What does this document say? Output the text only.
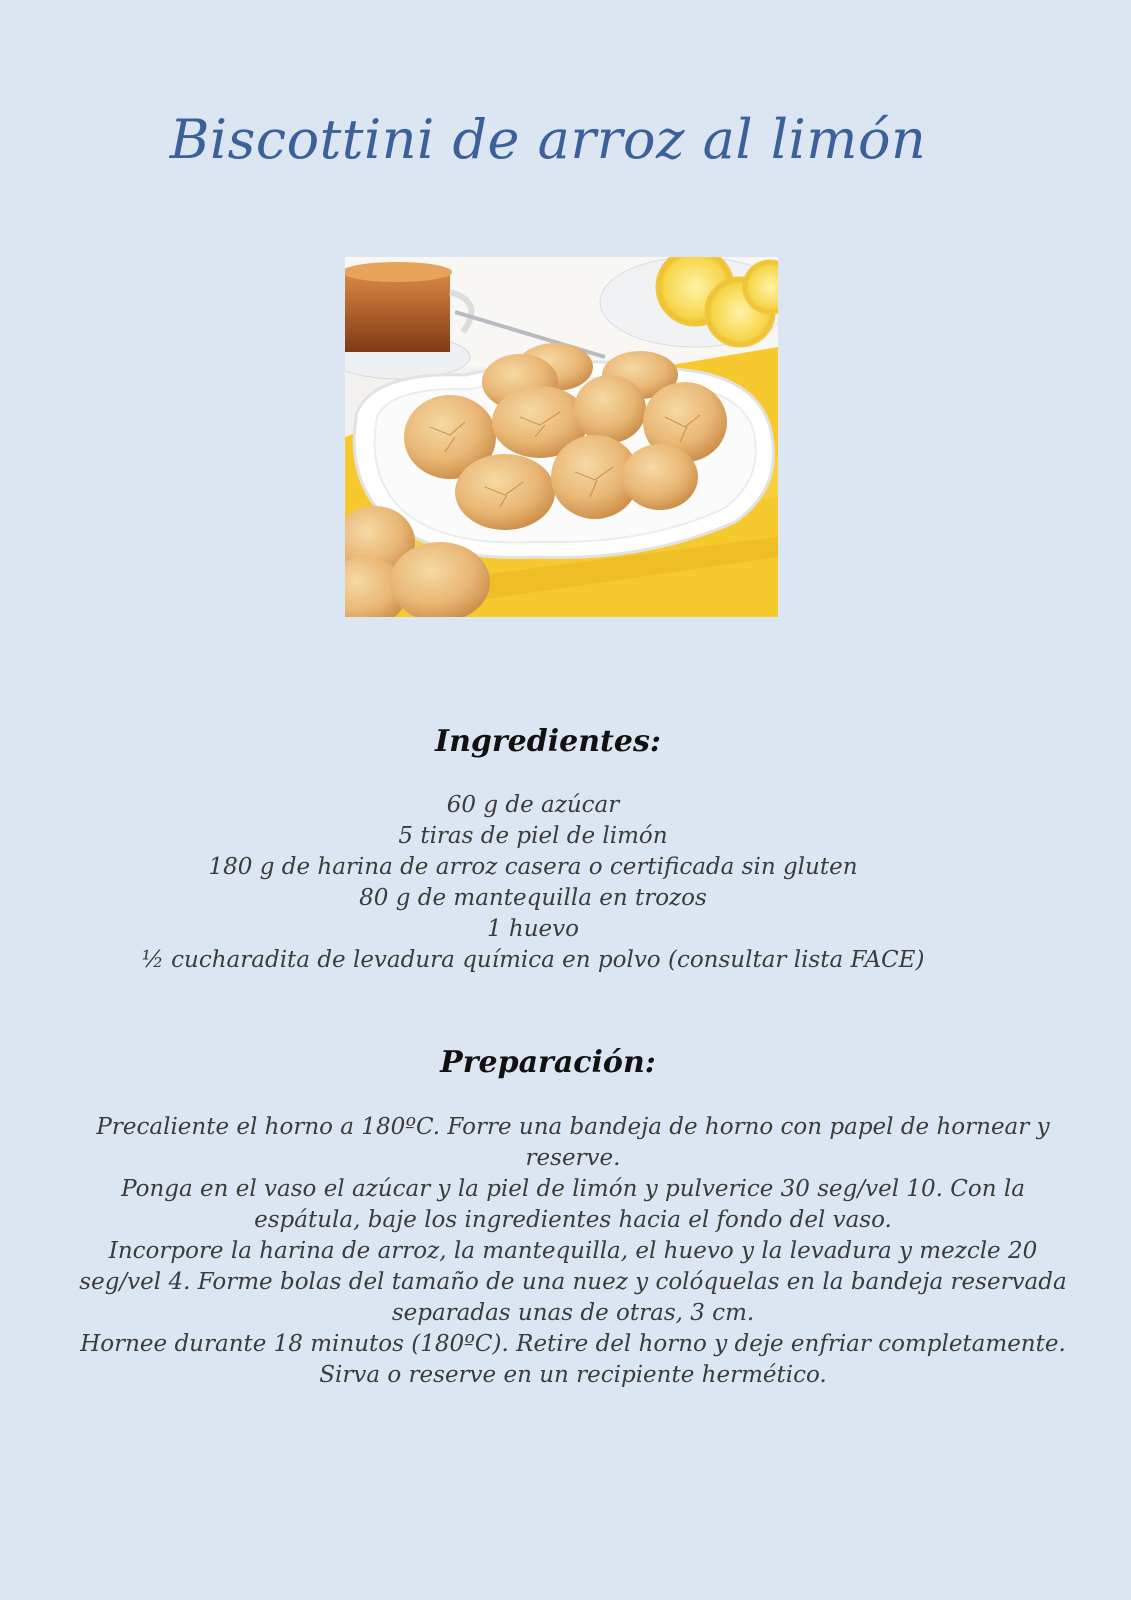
Biscottini de arroz al limón
Ingredientes:
60 g de azúcar
5 tiras de piel de limón
180 g de harina de arroz casera o certificada sin gluten
80 g de mantequilla en trozos
1 huevo
½ cucharadita de levadura química en polvo (consultar lista FACE)
Preparación:

Precaliente el horno a 180ºC. Forre una bandeja de horno con papel de hornear y reserve.

Ponga en el vaso el azúcar y la piel de limón y pulverice 30 seg/vel 10. Con la espátula, baje los ingredientes hacia el fondo del vaso.

Incorpore la harina de arroz, la mantequilla, el huevo y la levadura y mezcle 20 seg/vel 4. Forme bolas del tamaño de una nuez y colóquelas en la bandeja reservada separadas unas de otras, 3 cm.

Hornee durante 18 minutos (180ºC). Retire del horno y deje enfriar completamente. Sirva o reserve en un recipiente hermético.
